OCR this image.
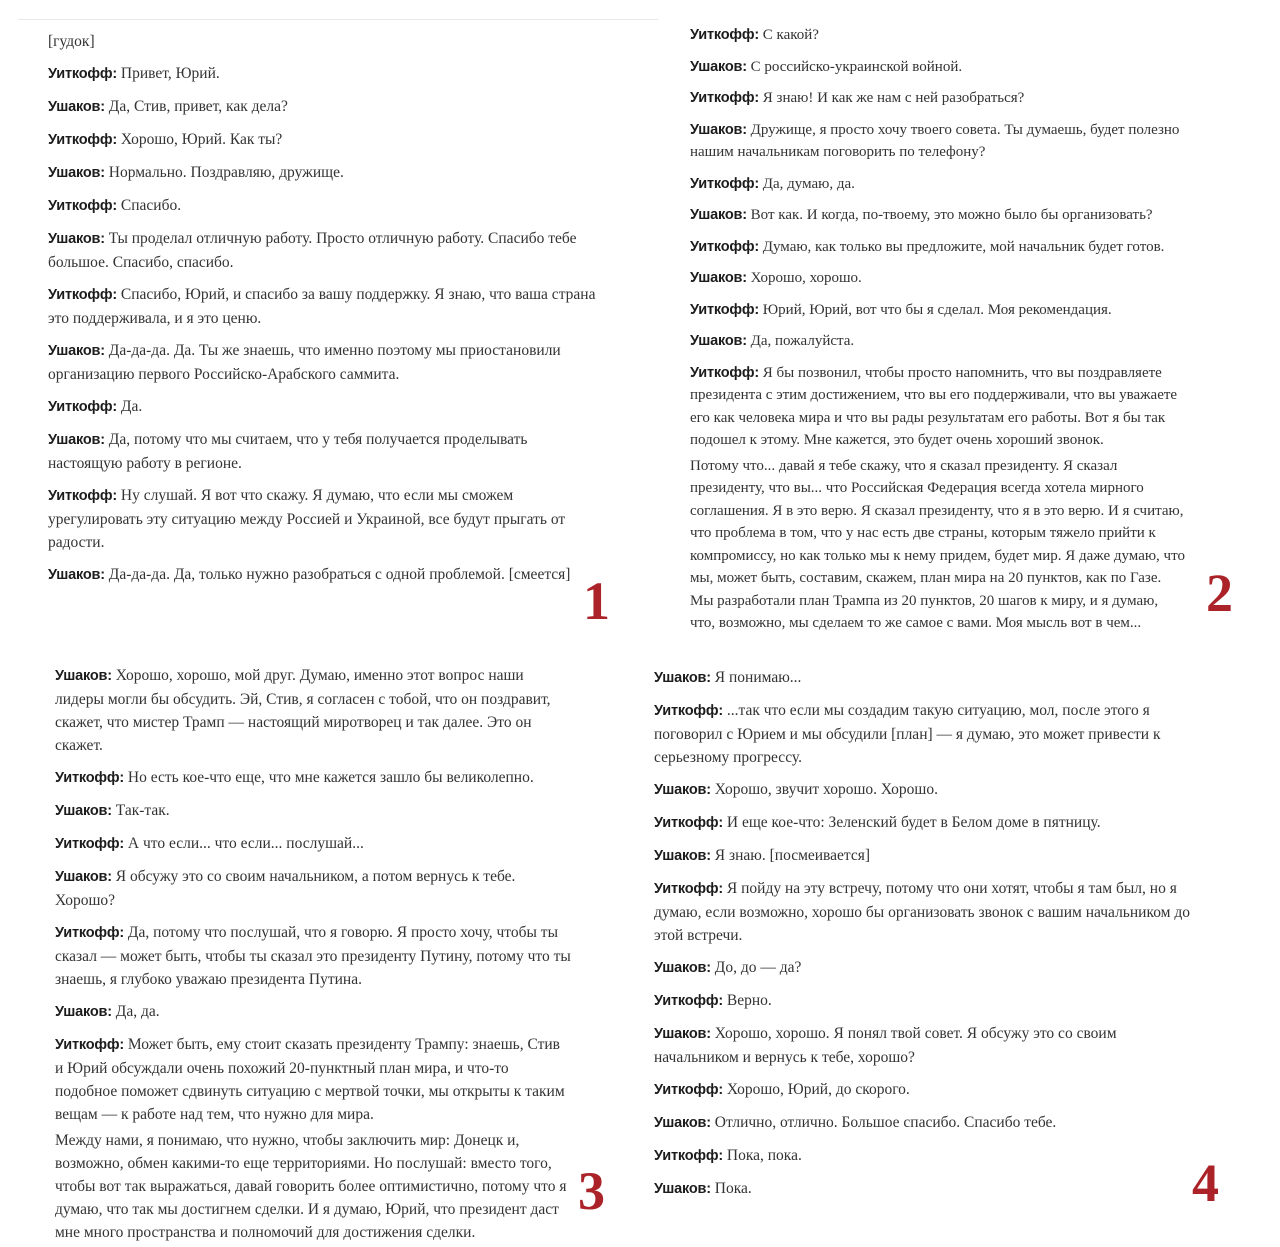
[гудок]

Уиткофф: Привет, Юрий.

Ушаков: Да, Стив, привет, как дела?

Уиткофф: Хорошо, Юрий. Как ты?

Ушаков: Нормально. Поздравляю, дружище.

Уиткофф: Спасибо.

Ушаков: Ты проделал отличную работу. Просто отличную работу. Спасибо тебе большое. Спасибо, спасибо.

Уиткофф: Спасибо, Юрий, и спасибо за вашу поддержку. Я знаю, что ваша страна это поддерживала, и я это ценю.

Ушаков: Да-да-да. Да. Ты же знаешь, что именно поэтому мы приостановили организацию первого Российско-Арабского саммита.

Уиткофф: Да.

Ушаков: Да, потому что мы считаем, что у тебя получается проделывать настоящую работу в регионе.

Уиткофф: Ну слушай. Я вот что скажу. Я думаю, что если мы сможем урегулировать эту ситуацию между Россией и Украиной, все будут прыгать от радости.

Ушаков: Да-да-да. Да, только нужно разобраться с одной проблемой. [смеется]

Уиткофф: С какой?

Ушаков: С российско-украинской войной.

Уиткофф: Я знаю! И как же нам с ней разобраться?

Ушаков: Дружище, я просто хочу твоего совета. Ты думаешь, будет полезно нашим начальникам поговорить по телефону?

Уиткофф: Да, думаю, да.

Ушаков: Вот как. И когда, по-твоему, это можно было бы организовать?

Уиткофф: Думаю, как только вы предложите, мой начальник будет готов.

Ушаков: Хорошо, хорошо.

Уиткофф: Юрий, Юрий, вот что бы я сделал. Моя рекомендация.

Ушаков: Да, пожалуйста.

Уиткофф: Я бы позвонил, чтобы просто напомнить, что вы поздравляете президента с этим достижением, что вы его поддерживали, что вы уважаете его как человека мира и что вы рады результатам его работы. Вот я бы так подошел к этому. Мне кажется, это будет очень хороший звонок.

Потому что... давай я тебе скажу, что я сказал президенту. Я сказал президенту, что вы... что Российская Федерация всегда хотела мирного соглашения. Я в это верю. Я сказал президенту, что я в это верю. И я считаю, что проблема в том, что у нас есть две страны, которым тяжело прийти к компромиссу, но как только мы к нему придем, будет мир. Я даже думаю, что мы, может быть, составим, скажем, план мира на 20 пунктов, как по Газе. Мы разработали план Трампа из 20 пунктов, 20 шагов к миру, и я думаю, что, возможно, мы сделаем то же самое с вами. Моя мысль вот в чем...

Ушаков: Хорошо, хорошо, мой друг. Думаю, именно этот вопрос наши лидеры могли бы обсудить. Эй, Стив, я согласен с тобой, что он поздравит, скажет, что мистер Трамп — настоящий миротворец и так далее. Это он скажет.

Уиткофф: Но есть кое-что еще, что мне кажется зашло бы великолепно.

Ушаков: Так-так.

Уиткофф: А что если... что если... послушай...

Ушаков: Я обсужу это со своим начальником, а потом вернусь к тебе. Хорошо?

Уиткофф: Да, потому что послушай, что я говорю. Я просто хочу, чтобы ты сказал — может быть, чтобы ты сказал это президенту Путину, потому что ты знаешь, я глубоко уважаю президента Путина.

Ушаков: Да, да.

Уиткофф: Может быть, ему стоит сказать президенту Трампу: знаешь, Стив и Юрий обсуждали очень похожий 20-пунктный план мира, и что-то подобное поможет сдвинуть ситуацию с мертвой точки, мы открыты к таким вещам — к работе над тем, что нужно для мира.

Между нами, я понимаю, что нужно, чтобы заключить мир: Донецк и, возможно, обмен какими-то еще территориями. Но послушай: вместо того, чтобы вот так выражаться, давай говорить более оптимистично, потому что я думаю, что так мы достигнем сделки. И я думаю, Юрий, что президент даст мне много пространства и полномочий для достижения сделки.

Ушаков: Я понимаю...

Уиткофф: ...так что если мы создадим такую ситуацию, мол, после этого я поговорил с Юрием и мы обсудили [план] — я думаю, это может привести к серьезному прогрессу.

Ушаков: Хорошо, звучит хорошо. Хорошо.

Уиткофф: И еще кое-что: Зеленский будет в Белом доме в пятницу.

Ушаков: Я знаю. [посмеивается]

Уиткофф: Я пойду на эту встречу, потому что они хотят, чтобы я там был, но я думаю, если возможно, хорошо бы организовать звонок с вашим начальником до этой встречи.

Ушаков: До, до — да?

Уиткофф: Верно.

Ушаков: Хорошо, хорошо. Я понял твой совет. Я обсужу это со своим начальником и вернусь к тебе, хорошо?

Уиткофф: Хорошо, Юрий, до скорого.

Ушаков: Отлично, отлично. Большое спасибо. Спасибо тебе.

Уиткофф: Пока, пока.

Ушаков: Пока.

1	2
3	4
